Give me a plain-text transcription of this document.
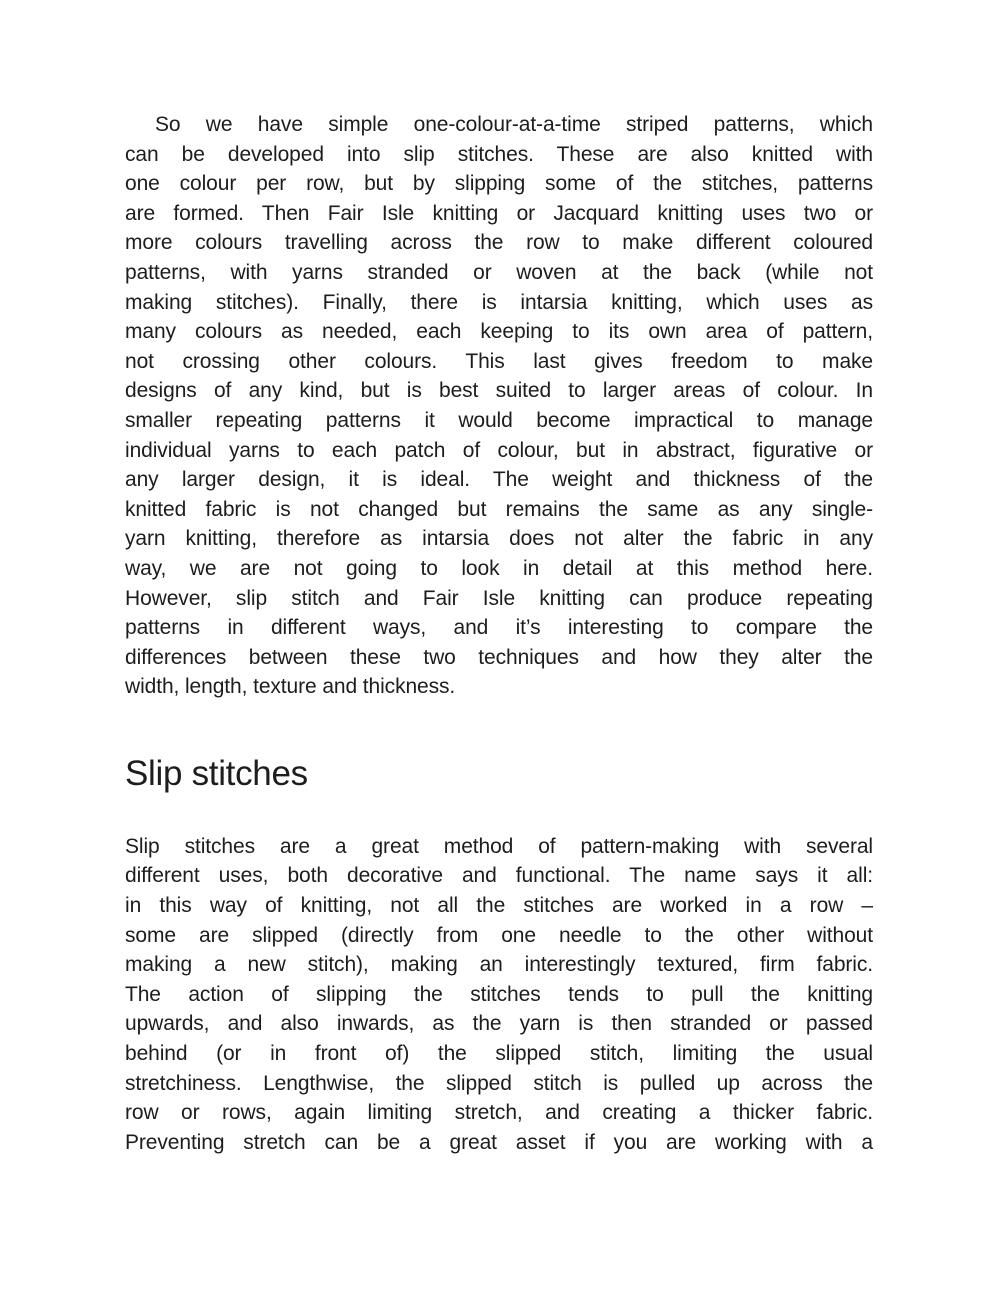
So we have simple one-colour-at-a-time striped patterns, which
can be developed into slip stitches. These are also knitted with
one colour per row, but by slipping some of the stitches, patterns
are formed. Then Fair Isle knitting or Jacquard knitting uses two or
more colours travelling across the row to make different coloured
patterns, with yarns stranded or woven at the back (while not
making stitches). Finally, there is intarsia knitting, which uses as
many colours as needed, each keeping to its own area of pattern,
not crossing other colours. This last gives freedom to make
designs of any kind, but is best suited to larger areas of colour. In
smaller repeating patterns it would become impractical to manage
individual yarns to each patch of colour, but in abstract, figurative or
any larger design, it is ideal. The weight and thickness of the
knitted fabric is not changed but remains the same as any single-
yarn knitting, therefore as intarsia does not alter the fabric in any
way, we are not going to look in detail at this method here.
However, slip stitch and Fair Isle knitting can produce repeating
patterns in different ways, and it’s interesting to compare the
differences between these two techniques and how they alter the
width, length, texture and thickness.
Slip stitches
Slip stitches are a great method of pattern-making with several
different uses, both decorative and functional. The name says it all:
in this way of knitting, not all the stitches are worked in a row –
some are slipped (directly from one needle to the other without
making a new stitch), making an interestingly textured, firm fabric.
The action of slipping the stitches tends to pull the knitting
upwards, and also inwards, as the yarn is then stranded or passed
behind (or in front of) the slipped stitch, limiting the usual
stretchiness. Lengthwise, the slipped stitch is pulled up across the
row or rows, again limiting stretch, and creating a thicker fabric.
Preventing stretch can be a great asset if you are working with a
